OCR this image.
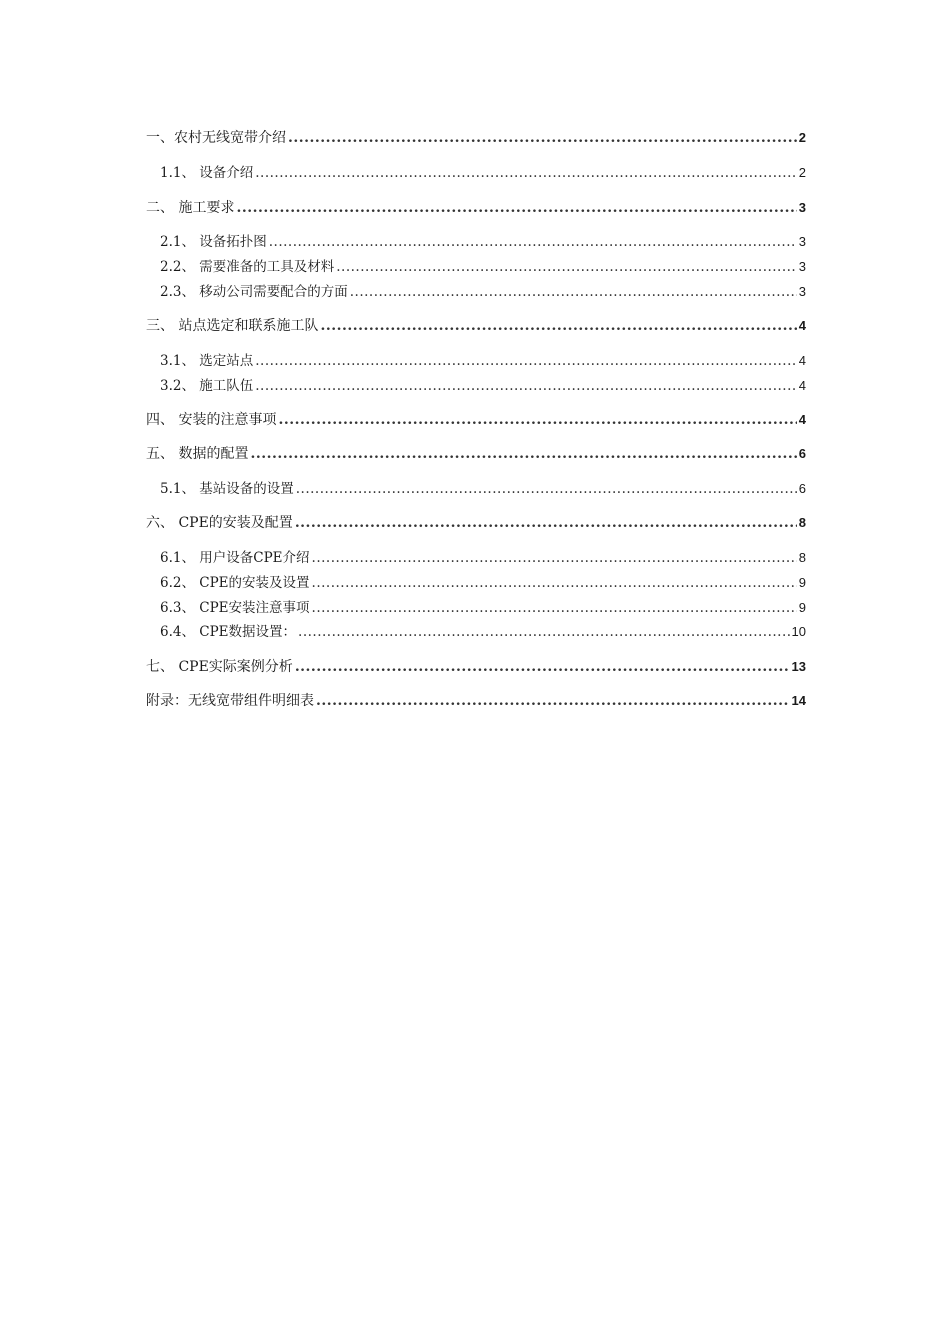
一、农村无线宽带介绍 .....	2
1.1、 设备介绍 .....	2
二、 施工要求 .....	3
2.1、 设备拓扑图 .....	3
2.2、 需要准备的工具及材料 .....	3
2.3、 移动公司需要配合的方面 .....	3
三、 站点选定和联系施工队 .....	4
3.1、 选定站点 .....	4
3.2、 施工队伍 .....	4
四、 安装的注意事项 .....	4
五、 数据的配置 .....	6
5.1、 基站设备的设置 .....	6
六、 CPE的安装及配置 .....	8
6.1、 用户设备CPE介绍 .....	8
6.2、 CPE的安装及设置 .....	9
6.3、 CPE安装注意事项 .....	9
6.4、 CPE数据设置： .....	10
七、 CPE实际案例分析 .....	13
附录：无线宽带组件明细表 .....	14
